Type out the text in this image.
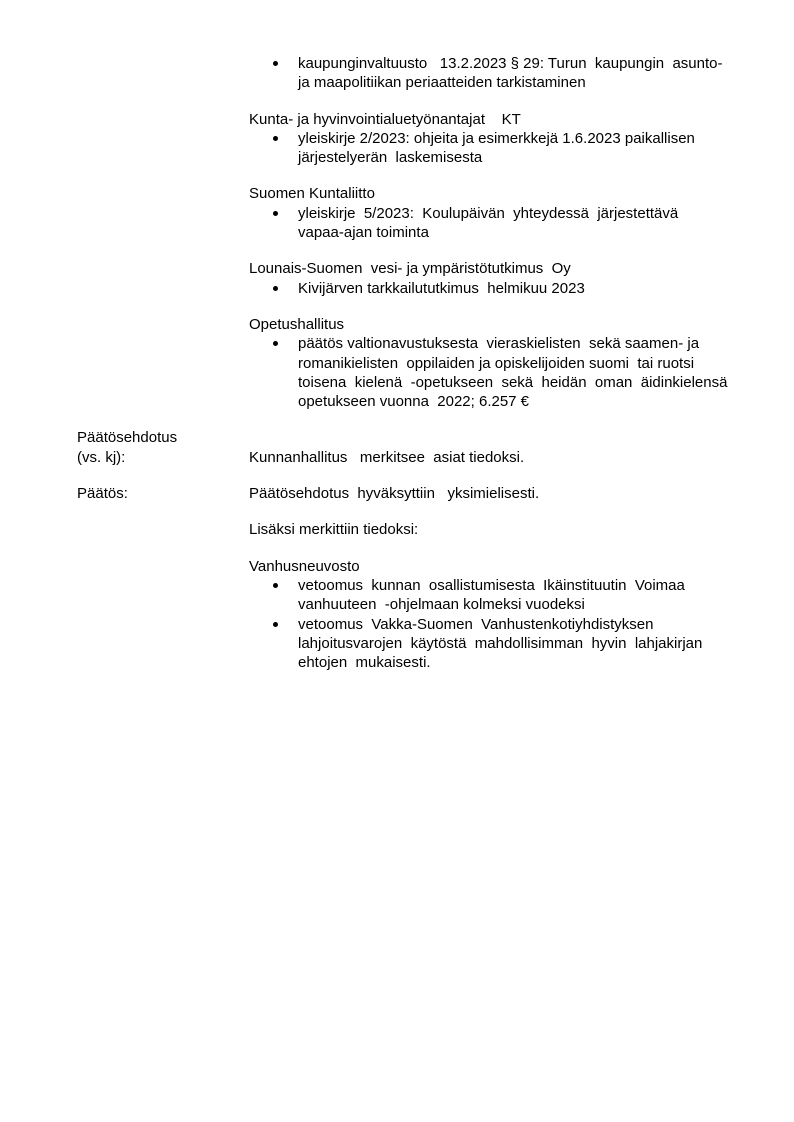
kaupunginvaltuusto   13.2.2023 § 29: Turun  kaupungin  asunto-
ja maapolitiikan periaatteiden tarkistaminen
Kunta- ja hyvinvointialuetyönantajat    KT
yleiskirje 2/2023: ohjeita ja esimerkkejä 1.6.2023 paikallisen
järjestelyerän  laskemisesta
Suomen Kuntaliitto
yleiskirje  5/2023:  Koulupäivän  yhteydessä  järjestettävä
vapaa-ajan toiminta
Lounais-Suomen  vesi- ja ympäristötutkimus  Oy
Kivijärven tarkkailututkimus  helmikuu 2023
Opetushallitus
päätös valtionavustuksesta  vieraskielisten  sekä saamen- ja
romanikielisten  oppilaiden ja opiskelijoiden suomi  tai ruotsi
toisena  kielenä  -opetukseen  sekä  heidän  oman  äidinkielensä
opetukseen vuonna  2022; 6.257 €
Päätösehdotus
(vs. kj):	Kunnanhallitus   merkitsee  asiat tiedoksi.
Päätös:	Päätösehdotus  hyväksyttiin   yksimielisesti.
Lisäksi merkittiin tiedoksi:
Vanhusneuvosto
vetoomus  kunnan  osallistumisesta  Ikäinstituutin  Voimaa
vanhuuteen  -ohjelmaan kolmeksi vuodeksi
vetoomus  Vakka-Suomen  Vanhustenkotiyhdistyksen
lahjoitusvarojen  käytöstä  mahdollisimman  hyvin  lahjakirjan
ehtojen  mukaisesti.
